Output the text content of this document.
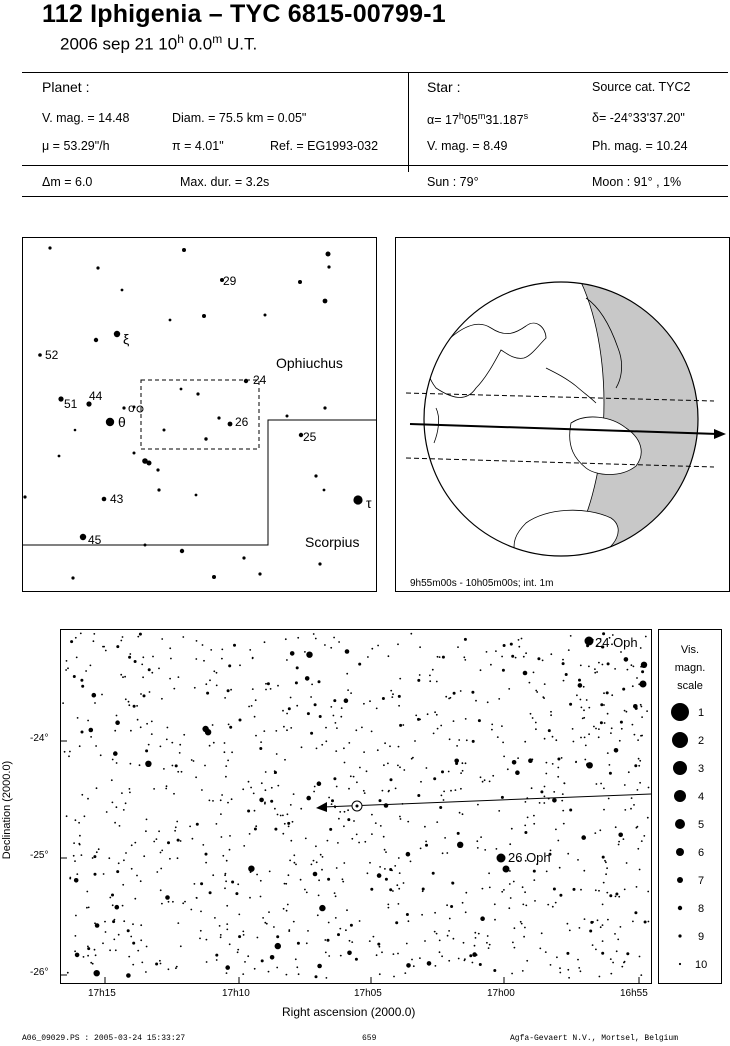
112 Iphigenia – TYC 6815-00799-1
2006 sep 21 10$^h$ 0.0$^m$ U.T.
Planet :
V. mag. = 14.48	Diam. = 75.5 km = 0.05"
μ = 53.29"/h	π = 4.01"	Ref. = EG1993-032
Star :	Source cat. TYC2
$\alpha= 17^h05^m31.187^s$	δ= -24°33'37.20"
V. mag. = 8.49	Ph. mag. = 10.24
Δm = 6.0	Max. dur. = 3.2s	Sun : 79°	Moon : 91° , 1%
29
ξ
52	Ophiuchus
24
51
44
o
θ	26
25
43	τ
45	Scorpius
9h55m00s - 10h05m00s; int. 1m
Declination (2000.0)
24 Oph
26 Oph
-24°
-25°
-26°
17h15	17h10	17h05	17h00	16h55
Right ascension (2000.0)
Vis.
magn.
scale
1
2
3
4
5
6
7
8
9
10
A06_09029.PS : 2005-03-24 15:33:27	659	Agfa-Gevaert N.V., Mortsel, Belgium
